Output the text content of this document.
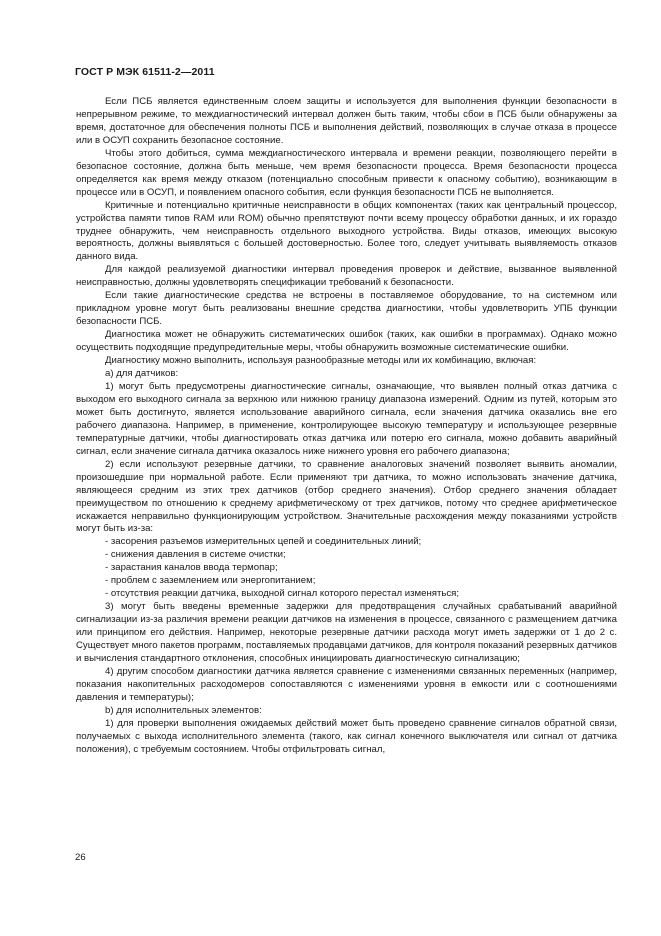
ГОСТ Р МЭК 61511-2—2011

Если ПСБ является единственным слоем защиты и используется для выполнения функции безопасности в непрерывном режиме, то междиагностический интервал должен быть таким, чтобы сбои в ПСБ были обнаружены за время, достаточное для обеспечения полноты ПСБ и выполнения действий, позволяющих в случае отказа в процессе или в ОСУП сохранить безопасное состояние.

Чтобы этого добиться, сумма междиагностического интервала и времени реакции, позволяющего перейти в безопасное состояние, должна быть меньше, чем время безопасности процесса. Время безопасности процесса определяется как время между отказом (потенциально способным привести к опасному событию), возникающим в процессе или в ОСУП, и появлением опасного события, если функция безопасности ПСБ не выполняется.

Критичные и потенциально критичные неисправности в общих компонентах (таких как центральный процессор, устройства памяти типов RAM или ROM) обычно препятствуют почти всему процессу обработки данных, и их гораздо труднее обнаружить, чем неисправность отдельного выходного устройства. Виды отказов, имеющих высокую вероятность, должны выявляться с большей достоверностью. Более того, следует учитывать выявляемость отказов данного вида.

Для каждой реализуемой диагностики интервал проведения проверок и действие, вызванное выявленной неисправностью, должны удовлетворять спецификации требований к безопасности.

Если такие диагностические средства не встроены в поставляемое оборудование, то на системном или прикладном уровне могут быть реализованы внешние средства диагностики, чтобы удовлетворить УПБ функции безопасности ПСБ.

Диагностика может не обнаружить систематических ошибок (таких, как ошибки в программах). Однако можно осуществить подходящие предупредительные меры, чтобы обнаружить возможные систематические ошибки.

Диагностику можно выполнить, используя разнообразные методы или их комбинацию, включая:

а) для датчиков:

1) могут быть предусмотрены диагностические сигналы, означающие, что выявлен полный отказ датчика с выходом его выходного сигнала за верхнюю или нижнюю границу диапазона измерений. Одним из путей, которым это может быть достигнуто, является использование аварийного сигнала, если значения датчика оказались вне его рабочего диапазона. Например, в применение, контролирующее высокую температуру и использующее резервные температурные датчики, чтобы диагностировать отказ датчика или потерю его сигнала, можно добавить аварийный сигнал, если значение сигнала датчика оказалось ниже нижнего уровня его рабочего диапазона;

2) если используют резервные датчики, то сравнение аналоговых значений позволяет выявить аномалии, произошедшие при нормальной работе. Если применяют три датчика, то можно использовать значение датчика, являющееся средним из этих трех датчиков (отбор среднего значения). Отбор среднего значения обладает преимуществом по отношению к среднему арифметическому от трех датчиков, потому что среднее арифметическое искажается неправильно функционирующим устройством. Значительные расхождения между показаниями устройств могут быть из-за:

- засорения разъемов измерительных цепей и соединительных линий;

- снижения давления в системе очистки;

- зарастания каналов ввода термопар;

- проблем с заземлением или энергопитанием;

- отсутствия реакции датчика, выходной сигнал которого перестал изменяться;

3) могут быть введены временные задержки для предотвращения случайных срабатываний аварийной сигнализации из-за различия времени реакции датчиков на изменения в процессе, связанного с размещением датчика или принципом его действия. Например, некоторые резервные датчики расхода могут иметь задержки от 1 до 2 с. Существует много пакетов программ, поставляемых продавцами датчиков, для контроля показаний резервных датчиков и вычисления стандартного отклонения, способных инициировать диагностическую сигнализацию;

4) другим способом диагностики датчика является сравнение с изменениями связанных переменных (например, показания накопительных расходомеров сопоставляются с изменениями уровня в емкости или с соотношениями давления и температуры);

b) для исполнительных элементов:

1) для проверки выполнения ожидаемых действий может быть проведено сравнение сигналов обратной связи, получаемых с выхода исполнительного элемента (такого, как сигнал конечного выключателя или сигнал от датчика положения), с требуемым состоянием. Чтобы отфильтровать сигнал,

26
